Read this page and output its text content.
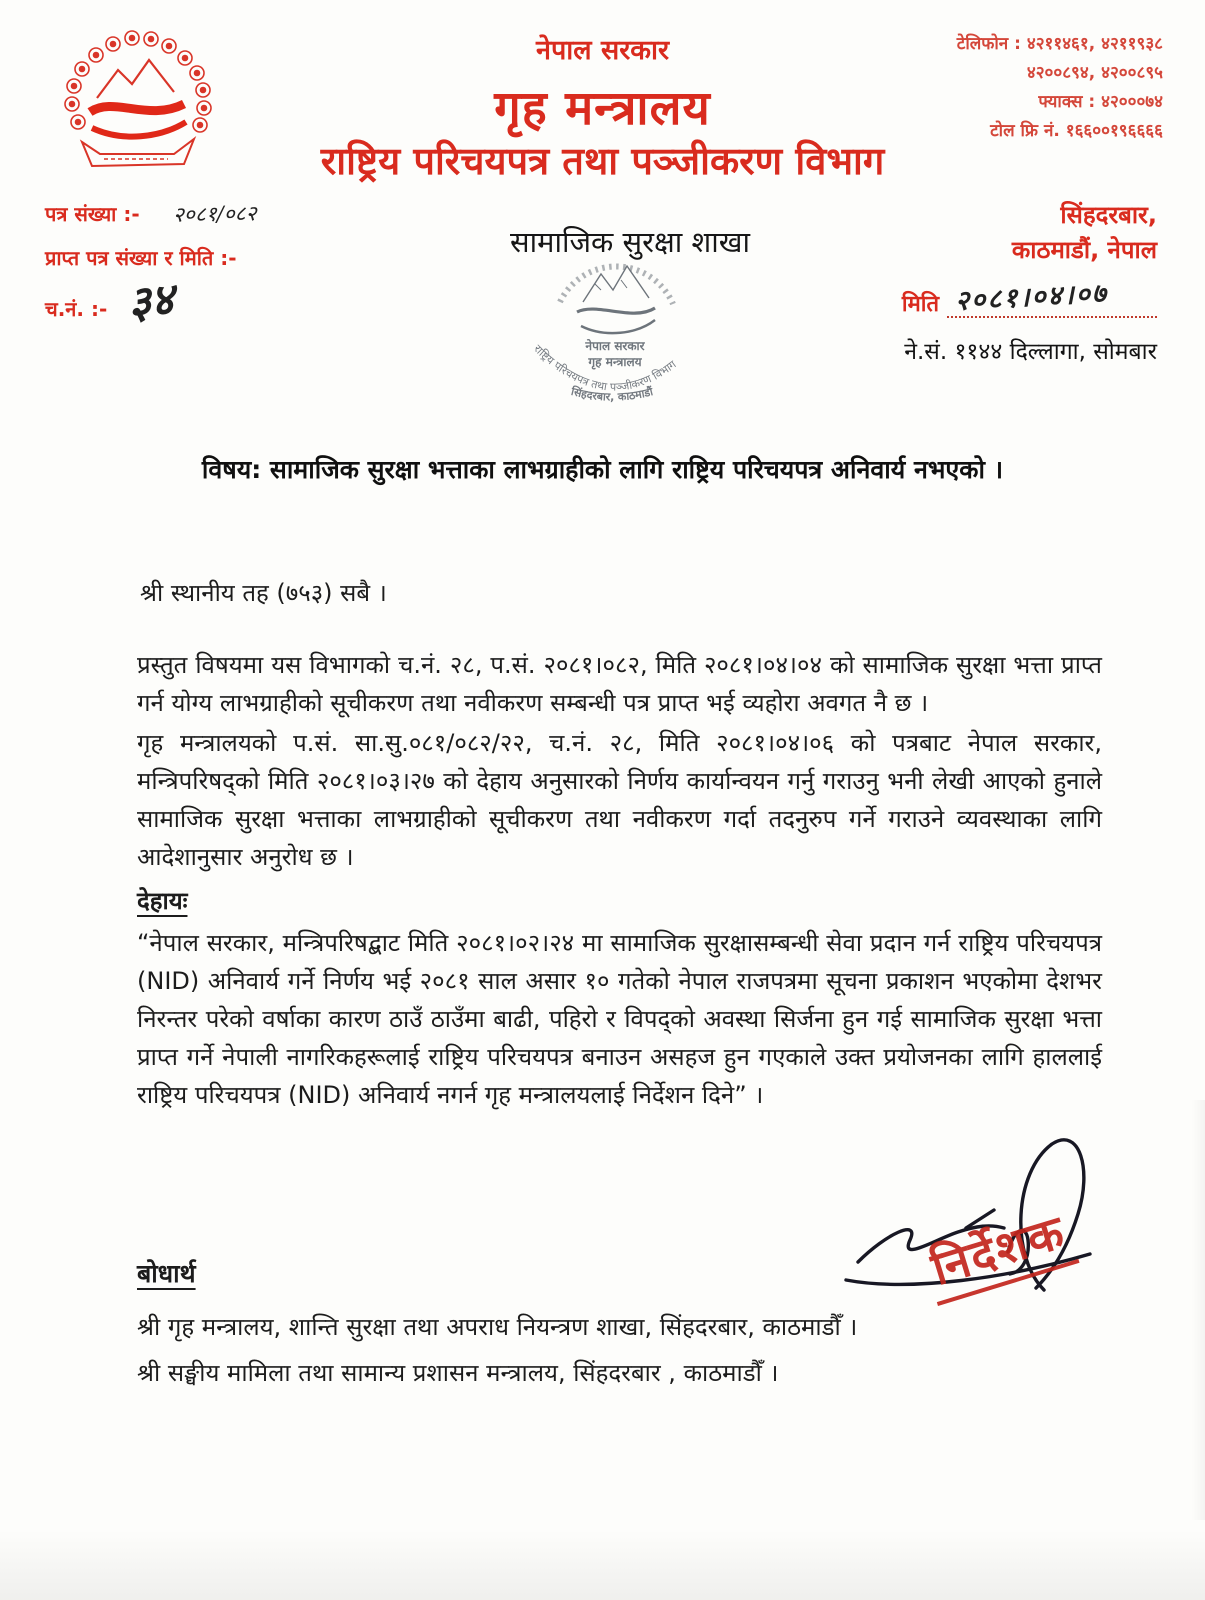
नेपाल सरकार
गृह मन्त्रालय
राष्ट्रिय परिचयपत्र तथा पञ्जीकरण विभाग
टेलिफोन : ४२११४६१, ४२११९३८
४२००८९४, ४२००८९५
फ्याक्स : ४२०००७४
टोल फ्रि नं. १६६००१९६६६६
पत्र संख्या :- २०८१/०८२
प्राप्त पत्र संख्या र मिति :-
च.नं. :- ३४
सामाजिक सुरक्षा शाखा
नेपाल सरकार
गृह मन्त्रालय
राष्ट्रिय परिचयपत्र तथा पञ्जीकरण विभाग
सिंहदरबार, काठमाडौं
सिंहदरबार,
काठमाडौं, नेपाल
मिति २०८१।०४।०७
ने.सं. ११४४ दिल्लागा, सोमबार
विषय: सामाजिक सुरक्षा भत्ताका लाभग्राहीको लागि राष्ट्रिय परिचयपत्र अनिवार्य नभएको ।
श्री स्थानीय तह (७५३) सबै ।

प्रस्तुत विषयमा यस विभागको च.नं. २८, प.सं. २०८१।०८२, मिति २०८१।०४।०४ को सामाजिक सुरक्षा भत्ता प्राप्त गर्न योग्य लाभग्राहीको सूचीकरण तथा नवीकरण सम्बन्धी पत्र प्राप्त भई व्यहोरा अवगत नै छ ।

गृह मन्त्रालयको प.सं. सा.सु.०८१/०८२/२२, च.नं. २८, मिति २०८१।०४।०६ को पत्रबाट नेपाल सरकार, मन्त्रिपरिषद्को मिति २०८१।०३।२७ को देहाय अनुसारको निर्णय कार्यान्वयन गर्नु गराउनु भनी लेखी आएको हुनाले सामाजिक सुरक्षा भत्ताका लाभग्राहीको सूचीकरण तथा नवीकरण गर्दा तदनुरुप गर्ने गराउने व्यवस्थाका लागि आदेशानुसार अनुरोध छ ।

देहायः

“नेपाल सरकार, मन्त्रिपरिषद्बाट मिति २०८१।०२।२४ मा सामाजिक सुरक्षासम्बन्धी सेवा प्रदान गर्न राष्ट्रिय परिचयपत्र (NID) अनिवार्य गर्ने निर्णय भई २०८१ साल असार १० गतेको नेपाल राजपत्रमा सूचना प्रकाशन भएकोमा देशभर निरन्तर परेको वर्षाका कारण ठाउँ ठाउँमा बाढी, पहिरो र विपद्को अवस्था सिर्जना हुन गई सामाजिक सुरक्षा भत्ता प्राप्त गर्ने नेपाली नागरिकहरूलाई राष्ट्रिय परिचयपत्र बनाउन असहज हुन गएकाले उक्त प्रयोजनका लागि हाललाई राष्ट्रिय परिचयपत्र (NID) अनिवार्य नगर्न गृह मन्त्रालयलाई निर्देशन दिने” ।

निर्देशक
बोधार्थ
श्री गृह मन्त्रालय, शान्ति सुरक्षा तथा अपराध नियन्त्रण शाखा, सिंहदरबार, काठमाडौँ ।
श्री सङ्घीय मामिला तथा सामान्य प्रशासन मन्त्रालय, सिंहदरबार , काठमाडौँ ।
